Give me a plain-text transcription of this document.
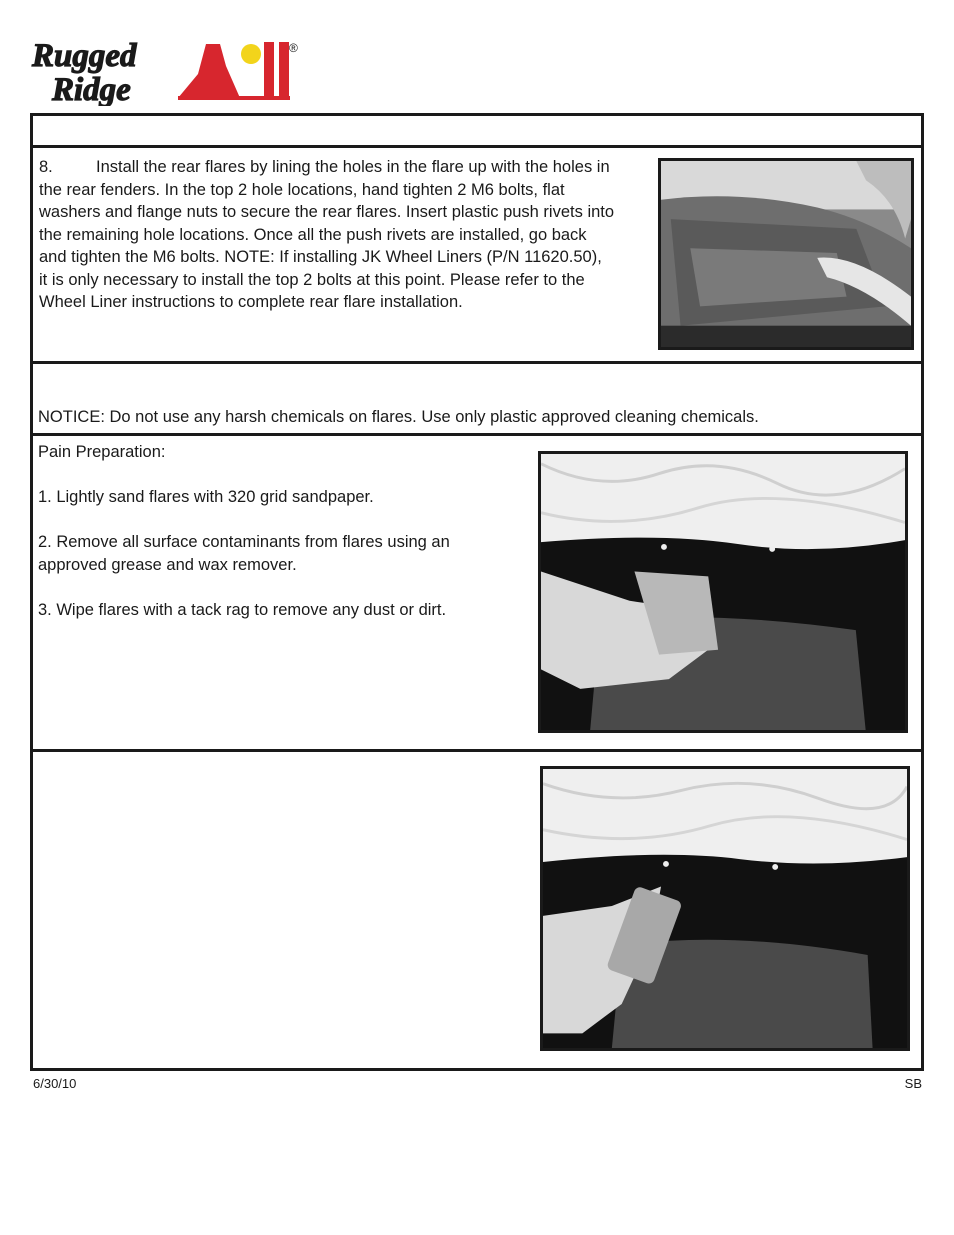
Rugged
Ridge
®
8.	Install the rear flares by lining the holes in the flare up with the holes in
the rear fenders. In the top 2 hole locations, hand tighten 2 M6 bolts, flat
washers and flange nuts to secure the rear flares. Insert plastic push rivets into
the remaining hole locations. Once all the push rivets are installed, go back
and tighten the M6 bolts. NOTE: If installing JK Wheel Liners (P/N 11620.50),
it is only necessary to install the top 2 bolts at this point. Please refer to the
Wheel Liner instructions to complete rear flare installation.
NOTICE: Do not use any harsh chemicals on flares. Use only plastic approved cleaning chemicals.
Pain Preparation:
1. Lightly sand flares with 320 grid sandpaper.
2. Remove all surface contaminants from flares using an
approved grease and wax remover.
3. Wipe flares with a tack rag to remove any dust or dirt.
6/30/10	SB
